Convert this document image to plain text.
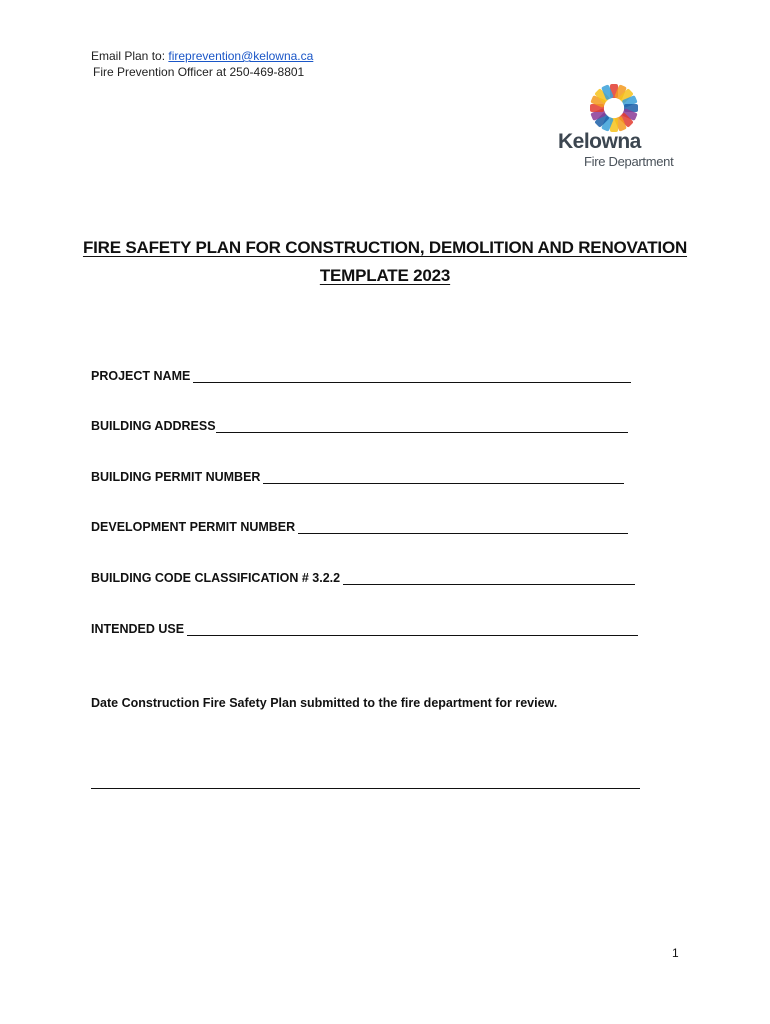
Email Plan to: fireprevention@kelowna.ca
Fire Prevention Officer at 250-469-8801
Kelowna
Fire Department
FIRE SAFETY PLAN FOR CONSTRUCTION, DEMOLITION AND RENOVATION
TEMPLATE 2023
PROJECT NAME
BUILDING ADDRESS
BUILDING PERMIT NUMBER
DEVELOPMENT PERMIT NUMBER
BUILDING CODE CLASSIFICATION # 3.2.2
INTENDED USE
Date Construction Fire Safety Plan submitted to the fire department for review.
1
